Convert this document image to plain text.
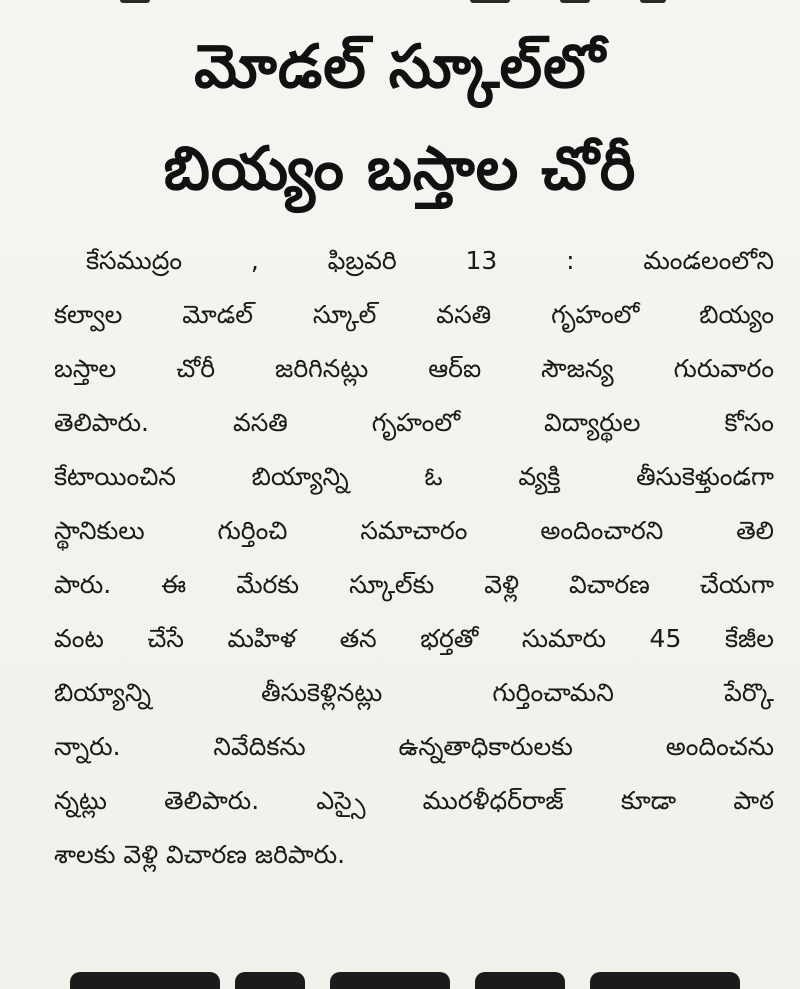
మోడల్ స్కూల్‌లో
బియ్యం బస్తాల చోరీ
కేసముద్రం , ఫిబ్రవరి 13 : మండలంలోని
కల్వాల మోడల్ స్కూల్ వసతి గృహంలో బియ్యం
బస్తాల చోరీ జరిగినట్లు ఆర్ఐ సౌజన్య గురువారం
తెలిపారు. వసతి గృహంలో విద్యార్థుల కోసం
కేటాయించిన బియ్యాన్ని ఓ వ్యక్తి తీసుకెళ్తుండగా
స్థానికులు గుర్తించి సమాచారం అందించారని తెలి
పారు. ఈ మేరకు స్కూల్‌కు వెళ్లి విచారణ చేయగా
వంట చేసే మహిళ తన భర్తతో సుమారు 45 కేజీల
బియ్యాన్ని తీసుకెళ్లినట్లు గుర్తించామని పేర్కొ
న్నారు. నివేదికను ఉన్నతాధికారులకు అందించను
న్నట్లు తెలిపారు. ఎస్సై మురళీధర్‌రాజ్ కూడా పాఠ
శాలకు వెళ్లి విచారణ జరిపారు.
